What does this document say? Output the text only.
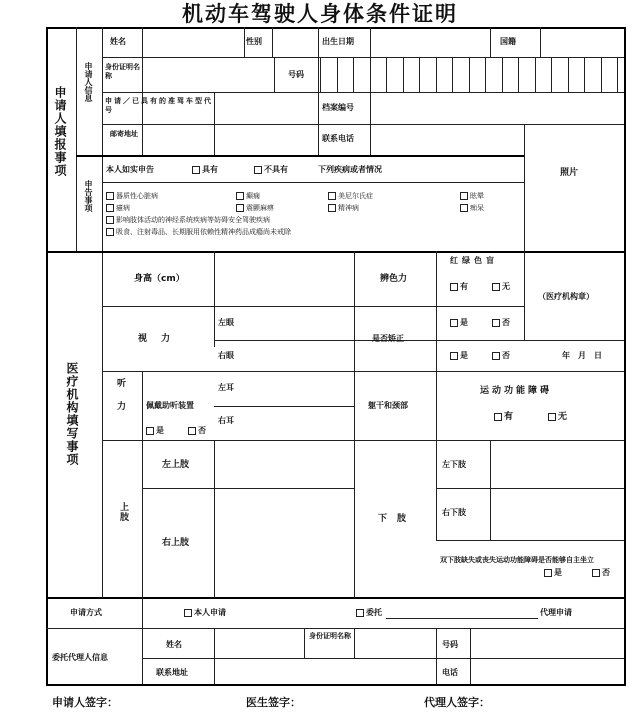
机动车驾驶人身体条件证明
申请人填报事项
申请人信息
申告事项
姓名	性别	出生日期	国籍
身份证明名称	号码
申请／已具有的准驾车型代号	档案编号
邮寄地址	联系电话
本人如实申告	具有	不具有	下列疾病或者情况	照片
器质性心脏病	癫痫	美尼尔氏症	眩晕
癔病	震颤麻痹	精神病	痴呆
影响肢体活动的神经系统疾病等妨碍安全驾驶疾病
吸食、注射毒品、长期服用依赖性精神药品成瘾尚未戒除
医疗机构填写事项
身高（cm）	辨色力
红绿色盲
有	无
（医疗机构章）
视力
左眼
右眼
是否矫正
是	否
是	否	年　月　日
听力	佩戴助听装置
是	否
左耳
右耳
躯干和颈部
运动功能障碍
有	无
上肢
左上肢
右上肢
下肢
左下肢
右下肢
双下肢缺失或丧失运动功能障碍是否能够自主坐立
是	否
申请方式	本人申请	委托	代理申请
委托代理人信息
姓名
身份证明名称
号码
联系地址	电话
申请人签字：	医生签字：	代理人签字：
